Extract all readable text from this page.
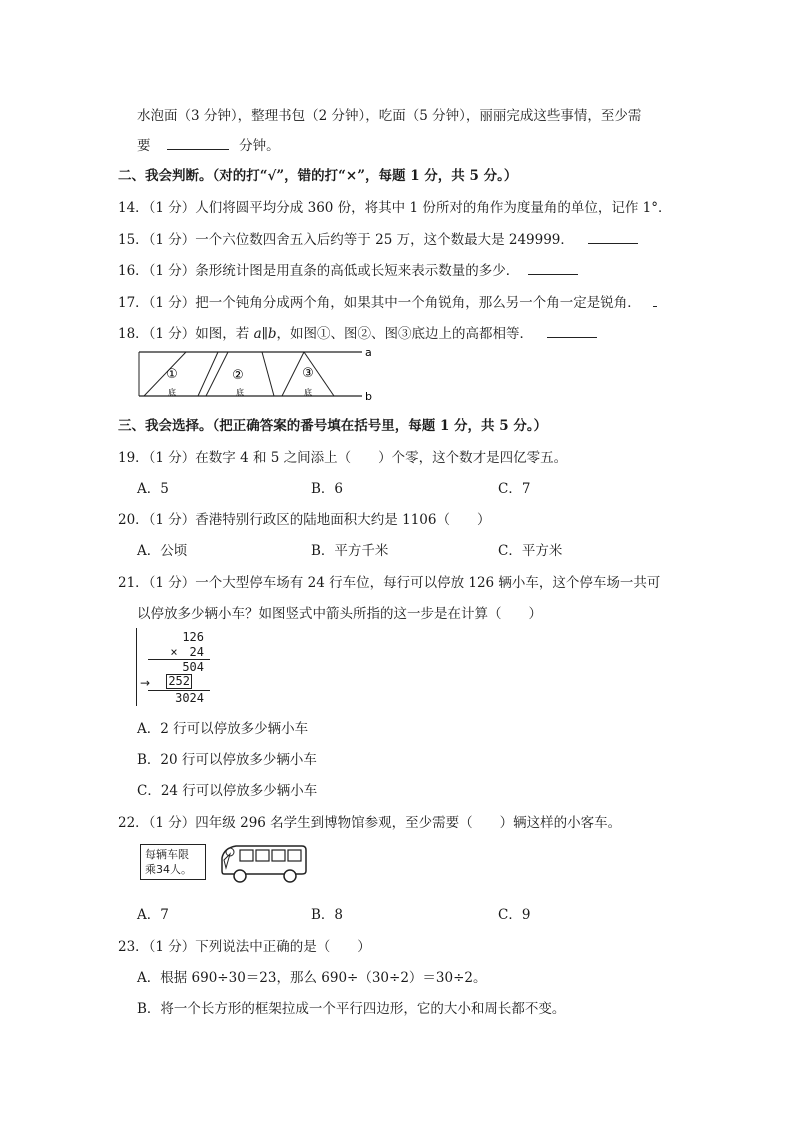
水泡面（3 分钟），整理书包（2 分钟），吃面（5 分钟），丽丽完成这些事情，至少需
要	分钟。
二、我会判断。（对的打“√”，错的打“×”，每题 1 分，共 5 分。）
14．（1 分）人们将圆平均分成 360 份，将其中 1 份所对的角作为度量角的单位，记作 1°．
15．（1 分）一个六位数四舍五入后约等于 25 万，这个数最大是 249999．
16．（1 分）条形统计图是用直条的高低或长短来表示数量的多少．
17．（1 分）把一个钝角分成两个角，如果其中一个角锐角，那么另一个角一定是锐角．
18．（1 分）如图，若 a∥b，如图①、图②、图③底边上的高都相等．
①	②	③
底	底	底
a
b
三、我会选择。（把正确答案的番号填在括号里，每题 1 分，共 5 分。）
19．（1 分）在数字 4 和 5 之间添上（　　）个零，这个数才是四亿零五。
A．5	B．6	C．7
20．（1 分）香港特别行政区的陆地面积大约是 1106（　　）
A．公顷	B．平方千米	C．平方米
21．（1 分）一个大型停车场有 24 行车位，每行可以停放 126 辆小车，这个停车场一共可
以停放多少辆小车？如图竖式中箭头所指的这一步是在计算（　　）
126
×　24
504
→ 252
3024
A．2 行可以停放多少辆小车
B．20 行可以停放多少辆小车
C．24 行可以停放多少辆小车
22．（1 分）四年级 296 名学生到博物馆参观，至少需要（　　）辆这样的小客车。
每辆车限
乘34人。
A．7	B．8	C．9
23．（1 分）下列说法中正确的是（　　）
A．根据 690÷30＝23，那么 690÷（30÷2）＝30÷2。
B．将一个长方形的框架拉成一个平行四边形，它的大小和周长都不变。
